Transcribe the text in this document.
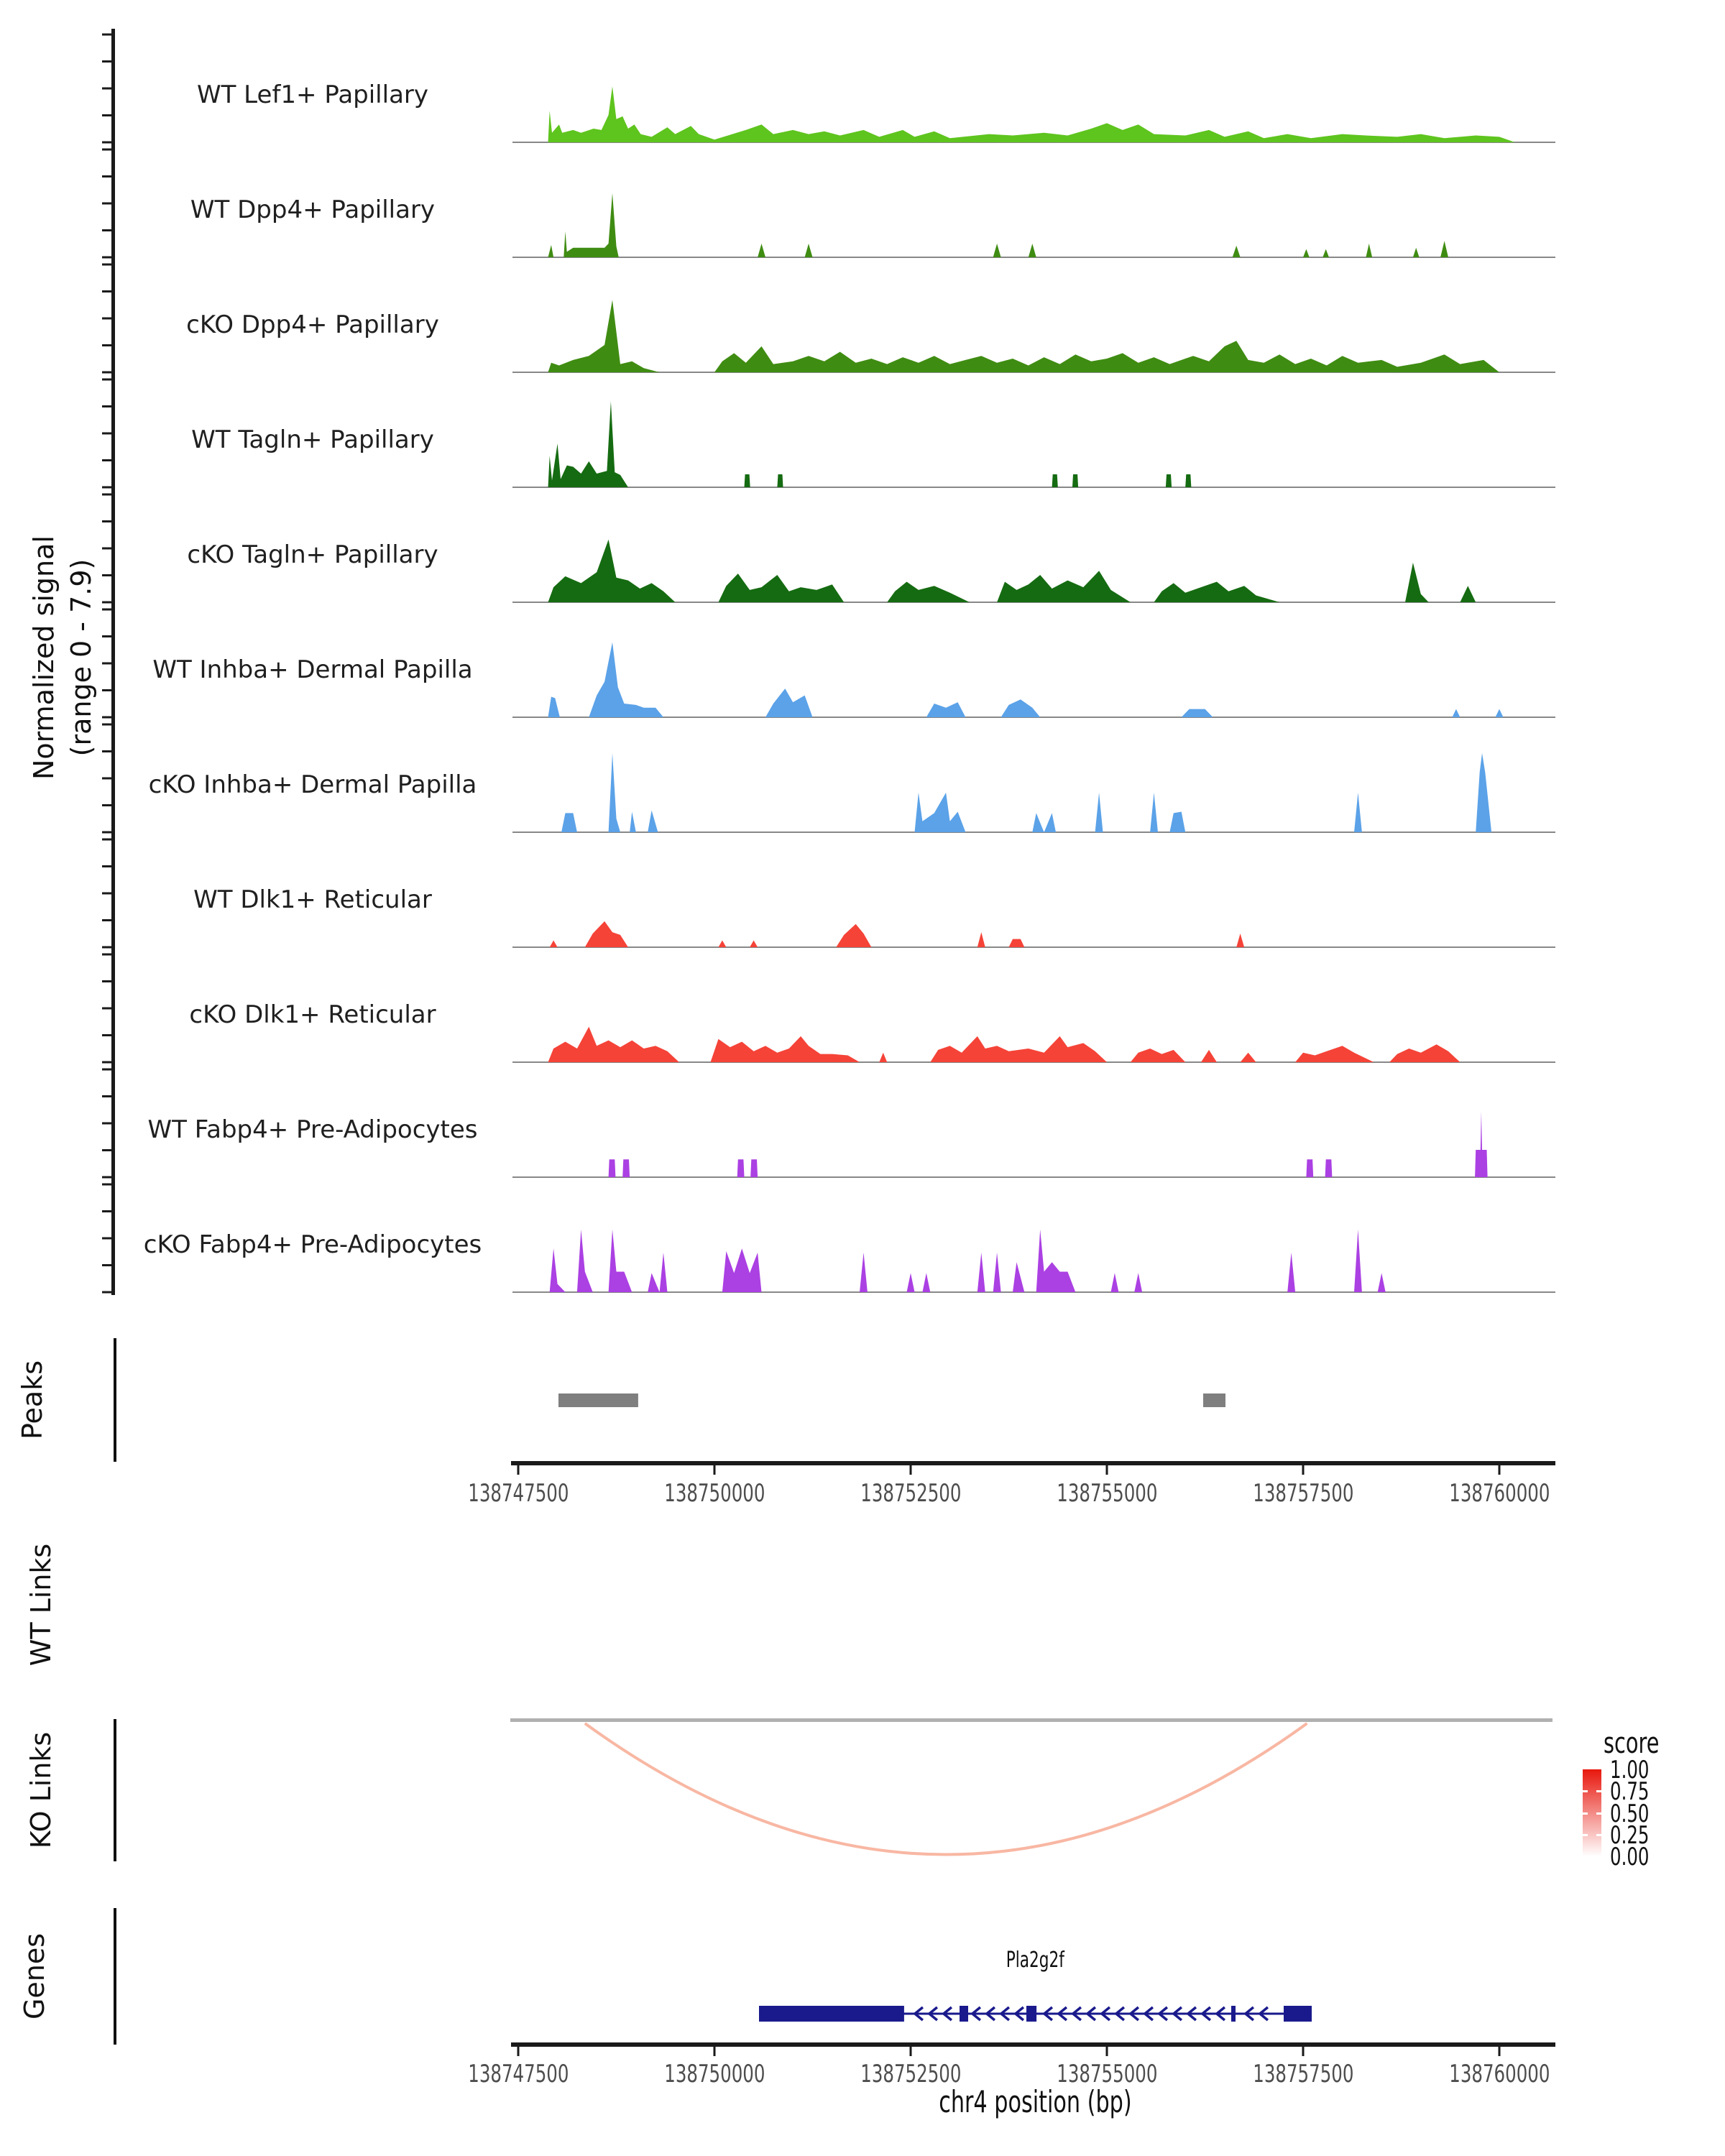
Normalized signal (range 0 - 7.9)
WT Lef1+ Papillary
WT Dpp4+ Papillary
cKO Dpp4+ Papillary
WT Tagln+ Papillary
cKO Tagln+ Papillary
WT Inhba+ Dermal Papilla
cKO Inhba+ Dermal Papilla
WT Dlk1+ Reticular
cKO Dlk1+ Reticular
WT Fabp4+ Pre-Adipocytes
cKO Fabp4+ Pre-Adipocytes
Peaks
WT Links
KO Links
Genes
138747500	138750000	138752500	138755000	138757500	138760000
138747500	138750000	138752500	138755000	138757500	138760000
chr4 position (bp)
Pla2g2f
score
1.00
0.75
0.50
0.25
0.00
